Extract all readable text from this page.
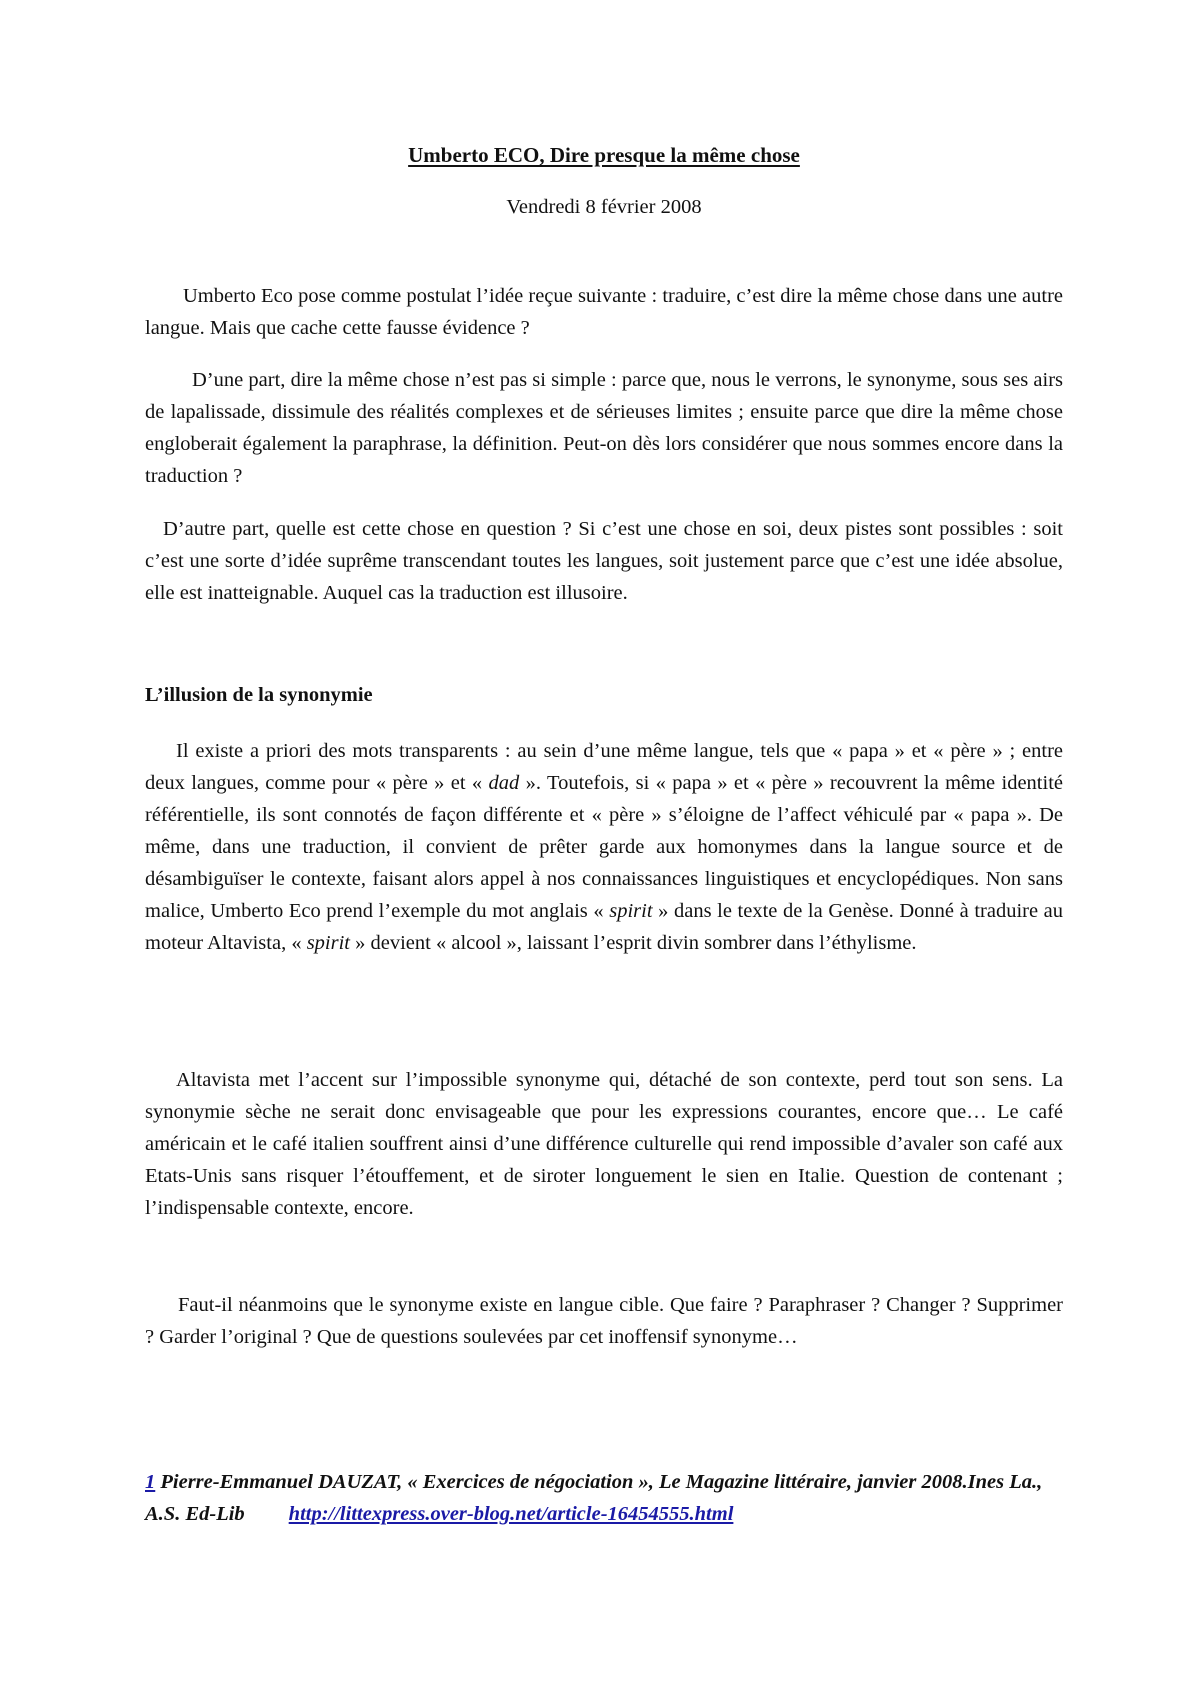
Umberto ECO, Dire presque la même chose
Vendredi 8 février 2008

Umberto Eco pose comme postulat l’idée reçue suivante : traduire, c’est dire la même chose dans une autre langue. Mais que cache cette fausse évidence ?

D’une part, dire la même chose n’est pas si simple : parce que, nous le verrons, le synonyme, sous ses airs de lapalissade, dissimule des réalités complexes et de sérieuses limites ; ensuite parce que dire la même chose engloberait également la paraphrase, la définition. Peut-on dès lors considérer que nous sommes encore dans la traduction ?

D’autre part, quelle est cette chose en question ? Si c’est une chose en soi, deux pistes sont possibles : soit c’est une sorte d’idée suprême transcendant toutes les langues, soit justement parce que c’est une idée absolue, elle est inatteignable. Auquel cas la traduction est illusoire.

L’illusion de la synonymie

Il existe a priori des mots transparents : au sein d’une même langue, tels que « papa » et « père » ; entre deux langues, comme pour « père » et « dad ». Toutefois, si « papa » et « père » recouvrent la même identité référentielle, ils sont connotés de façon différente et « père » s’éloigne de l’affect véhiculé par « papa ». De même, dans une traduction, il convient de prêter garde aux homonymes dans la langue source et de désambiguïser le contexte, faisant alors appel à nos connaissances linguistiques et encyclopédiques. Non sans malice, Umberto Eco prend l’exemple du mot anglais « spirit » dans le texte de la Genèse. Donné à traduire au moteur Altavista, « spirit » devient « alcool », laissant l’esprit divin sombrer dans l’éthylisme.

Altavista met l’accent sur l’impossible synonyme qui, détaché de son contexte, perd tout son sens. La synonymie sèche ne serait donc envisageable que pour les expressions courantes, encore que… Le café américain et le café italien souffrent ainsi d’une différence culturelle qui rend impossible d’avaler son café aux Etats-Unis sans risquer l’étouffement, et de siroter longuement le sien en Italie. Question de contenant ; l’indispensable contexte, encore.

Faut-il néanmoins que le synonyme existe en langue cible. Que faire ? Paraphraser ? Changer ? Supprimer ? Garder l’original ? Que de questions soulevées par cet inoffensif synonyme…

1 Pierre-Emmanuel DAUZAT, « Exercices de négociation », Le Magazine littéraire, janvier 2008.Ines La., A.S. Ed-Lib http://littexpress.over-blog.net/article-16454555.html
